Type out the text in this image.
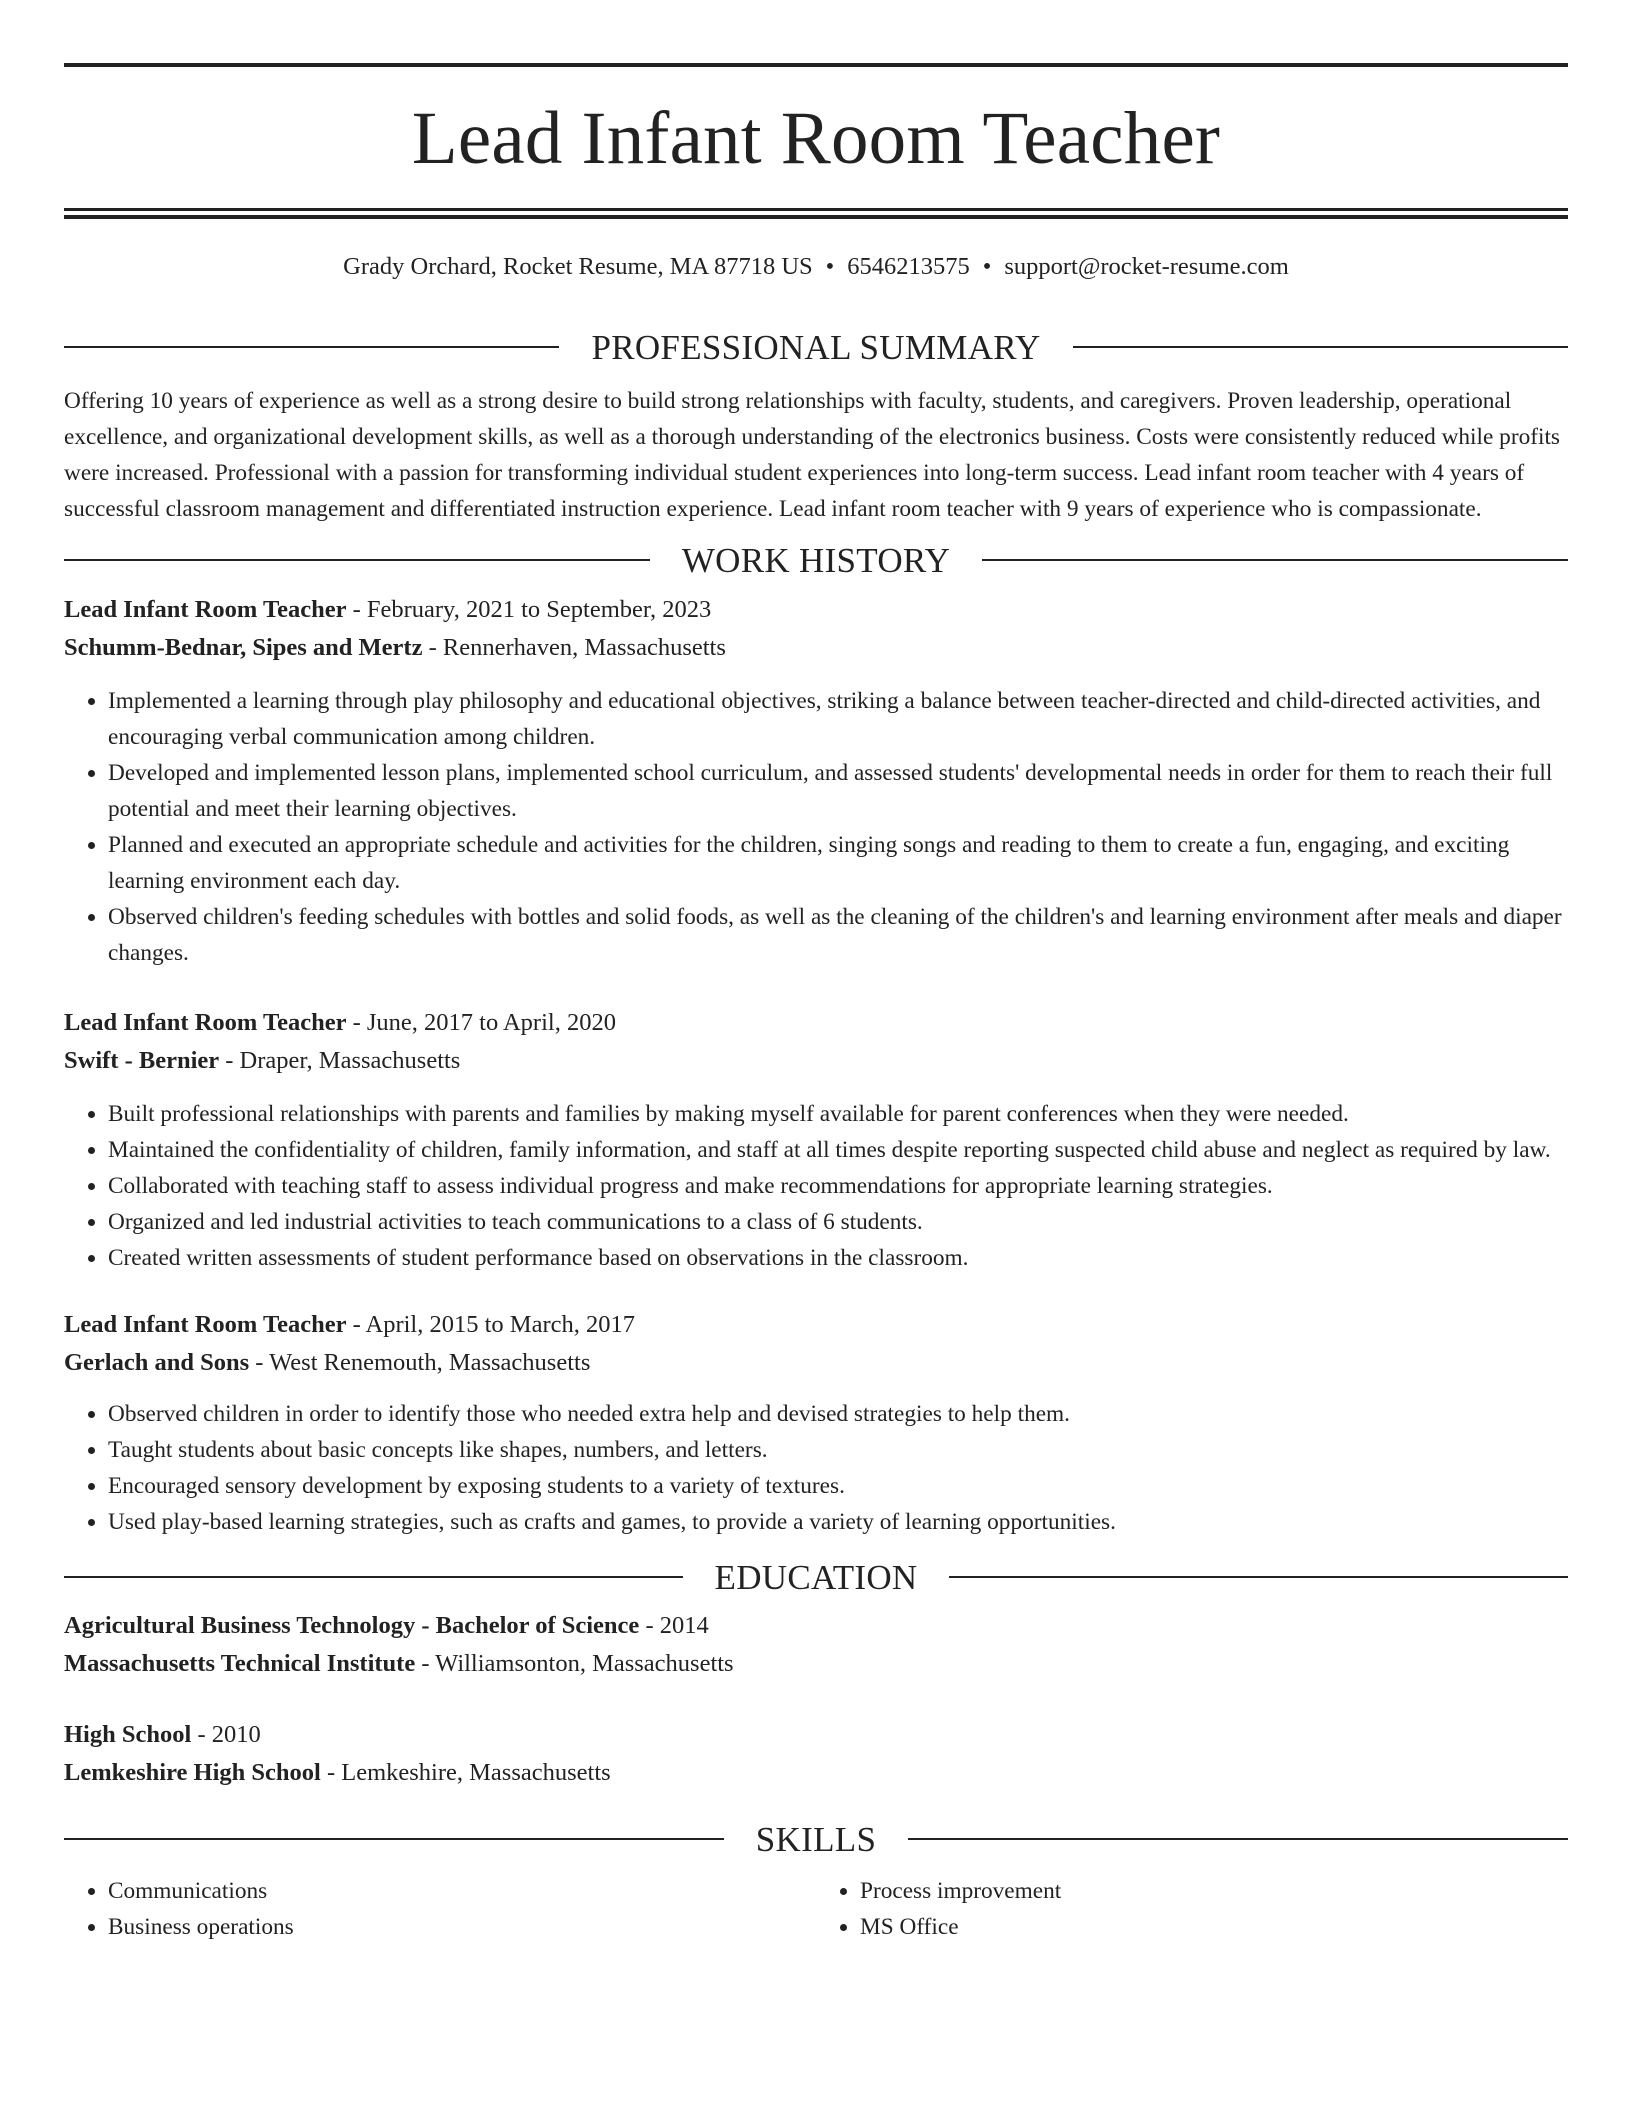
Lead Infant Room Teacher
Grady Orchard, Rocket Resume, MA 87718 US • 6546213575 • support@rocket-resume.com
PROFESSIONAL SUMMARY

Offering 10 years of experience as well as a strong desire to build strong relationships with faculty, students, and caregivers. Proven leadership, operational excellence, and organizational development skills, as well as a thorough understanding of the electronics business. Costs were consistently reduced while profits were increased. Professional with a passion for transforming individual student experiences into long-term success. Lead infant room teacher with 4 years of successful classroom management and differentiated instruction experience. Lead infant room teacher with 9 years of experience who is compassionate.

WORK HISTORY
Lead Infant Room Teacher - February, 2021 to September, 2023
Schumm-Bednar, Sipes and Mertz - Rennerhaven, Massachusetts
• Implemented a learning through play philosophy and educational objectives, striking a balance between teacher-directed and child-directed activities, and encouraging verbal communication among children.
• Developed and implemented lesson plans, implemented school curriculum, and assessed students' developmental needs in order for them to reach their full potential and meet their learning objectives.
• Planned and executed an appropriate schedule and activities for the children, singing songs and reading to them to create a fun, engaging, and exciting learning environment each day.
• Observed children's feeding schedules with bottles and solid foods, as well as the cleaning of the children's and learning environment after meals and diaper changes.
Lead Infant Room Teacher - June, 2017 to April, 2020
Swift - Bernier - Draper, Massachusetts
• Built professional relationships with parents and families by making myself available for parent conferences when they were needed.
• Maintained the confidentiality of children, family information, and staff at all times despite reporting suspected child abuse and neglect as required by law.
• Collaborated with teaching staff to assess individual progress and make recommendations for appropriate learning strategies.
• Organized and led industrial activities to teach communications to a class of 6 students.
• Created written assessments of student performance based on observations in the classroom.
Lead Infant Room Teacher - April, 2015 to March, 2017
Gerlach and Sons - West Renemouth, Massachusetts
• Observed children in order to identify those who needed extra help and devised strategies to help them.
• Taught students about basic concepts like shapes, numbers, and letters.
• Encouraged sensory development by exposing students to a variety of textures.
• Used play-based learning strategies, such as crafts and games, to provide a variety of learning opportunities.
EDUCATION
Agricultural Business Technology - Bachelor of Science - 2014
Massachusetts Technical Institute - Williamsonton, Massachusetts
High School - 2010
Lemkeshire High School - Lemkeshire, Massachusetts
SKILLS
• Communications
• Business operations
• Process improvement
• MS Office
